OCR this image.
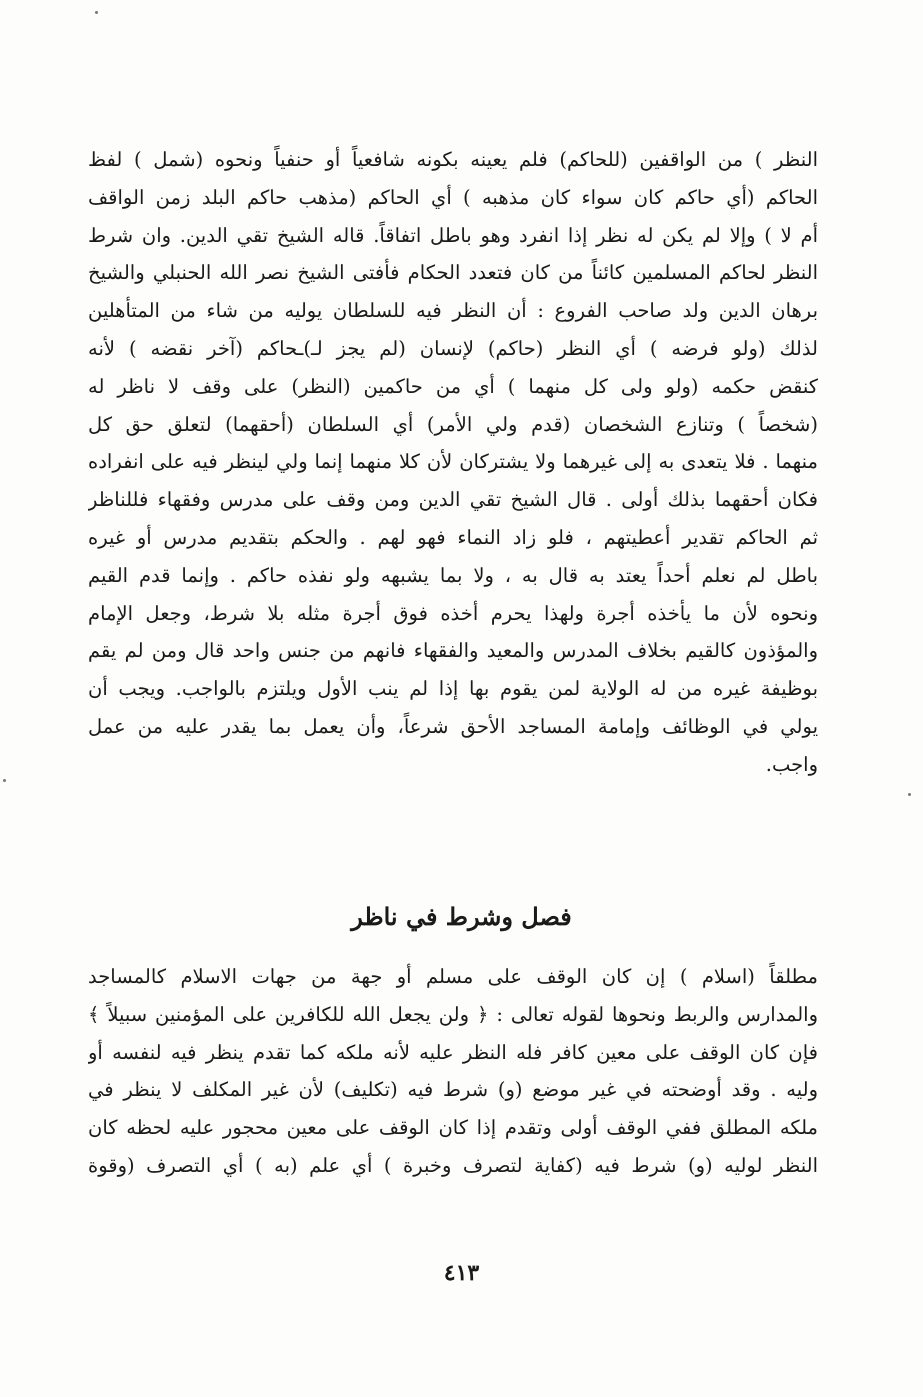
النظر ) من الواقفين (للحاكم) فلم يعينه بكونه شافعياً أو حنفياً ونحوه (شمل ) لفظ
الحاكم (أي حاكم كان سواء كان مذهبه ) أي الحاكم (مذهب حاكم البلد زمن الواقف
أم لا ) وإلا لم يكن له نظر إذا انفرد وهو باطل اتفاقاً. قاله الشيخ تقي الدين. وان شرط
النظر لحاكم المسلمين كائناً من كان فتعدد الحكام فأفتى الشيخ نصر الله الحنبلي والشيخ
برهان الدين ولد صاحب الفروع : أن النظر فيه للسلطان يوليه من شاء من المتأهلين
لذلك (ولو فرضه ) أي النظر (حاكم) لإنسان (لم يجز لـ)ـحاكم (آخر نقضه ) لأنه
كنقض حكمه (ولو ولى كل منهما ) أي من حاكمين (النظر) على وقف لا ناظر له
(شخصاً ) وتنازع الشخصان (قدم ولي الأمر) أي السلطان (أحقهما) لتعلق حق كل
منهما . فلا يتعدى به إلى غيرهما ولا يشتركان لأن كلا منهما إنما ولي لينظر فيه على انفراده
فكان أحقهما بذلك أولى . قال الشيخ تقي الدين ومن وقف على مدرس وفقهاء فللناظر
ثم الحاكم تقدير أعطيتهم ، فلو زاد النماء فهو لهم . والحكم بتقديم مدرس أو غيره
باطل لم نعلم أحداً يعتد به قال به ، ولا بما يشبهه ولو نفذه حاكم . وإنما قدم القيم
ونحوه لأن ما يأخذه أجرة ولهذا يحرم أخذه فوق أجرة مثله بلا شرط، وجعل الإمام
والمؤذون كالقيم بخلاف المدرس والمعيد والفقهاء فانهم من جنس واحد قال ومن لم يقم
بوظيفة غيره من له الولاية لمن يقوم بها إذا لم ينب الأول ويلتزم بالواجب. ويجب أن
يولي في الوظائف وإمامة المساجد الأحق شرعاً، وأن يعمل بما يقدر عليه من عمل
واجب.
فصل وشرط في ناظر
مطلقاً (اسلام ) إن كان الوقف على مسلم أو جهة من جهات الاسلام كالمساجد
والمدارس والربط ونحوها لقوله تعالى : ﴿ ولن يجعل الله للكافرين على المؤمنين سبيلاً ﴾
فإن كان الوقف على معين كافر فله النظر عليه لأنه ملكه كما تقدم ينظر فيه لنفسه أو
وليه . وقد أوضحته في غير موضع (و) شرط فيه (تكليف) لأن غير المكلف لا ينظر في
ملكه المطلق ففي الوقف أولى وتقدم إذا كان الوقف على معين محجور عليه لحظه كان
النظر لوليه (و) شرط فيه (كفاية لتصرف وخبرة ) أي علم (به ) أي التصرف (وقوة
٤١٣
